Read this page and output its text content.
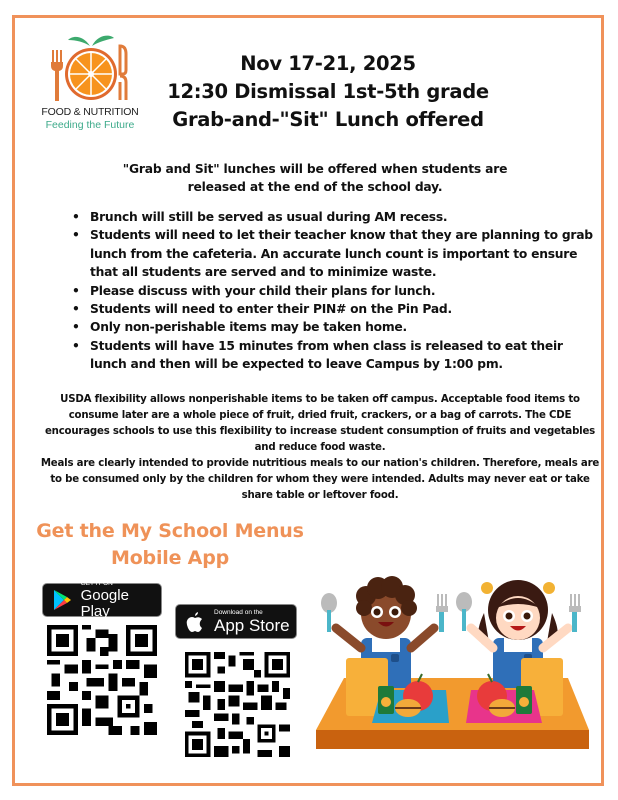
FOOD & NUTRITION
Feeding the Future
Nov 17-21, 2025
12:30 Dismissal 1st-5th grade
Grab-and-"Sit" Lunch offered
"Grab and Sit" lunches will be offered when students are
released at the end of the school day.
• Brunch will still be served as usual during AM recess.
• Students will need to let their teacher know that they are planning to grab lunch from the cafeteria. An accurate lunch count is important to ensure that all students are served and to minimize waste.
• Please discuss with your child their plans for lunch.
• Students will need to enter their PIN# on the Pin Pad.
• Only non-perishable items may be taken home.
• Students will have 15 minutes from when class is released to eat their lunch and then will be expected to leave Campus by 1:00 pm.

USDA flexibility allows nonperishable items to be taken off campus. Acceptable food items to consume later are a whole piece of fruit, dried fruit, crackers, or a bag of carrots. The CDE encourages schools to use this flexibility to increase student consumption of fruits and vegetables and reduce food waste.

Meals are clearly intended to provide nutritious meals to our nation's children. Therefore, meals are to be consumed only by the children for whom they were intended. Adults may never eat or take share table or leftover food.

Get the My School Menus
Mobile App
GET IT ON
Google Play	Download on the
App Store
